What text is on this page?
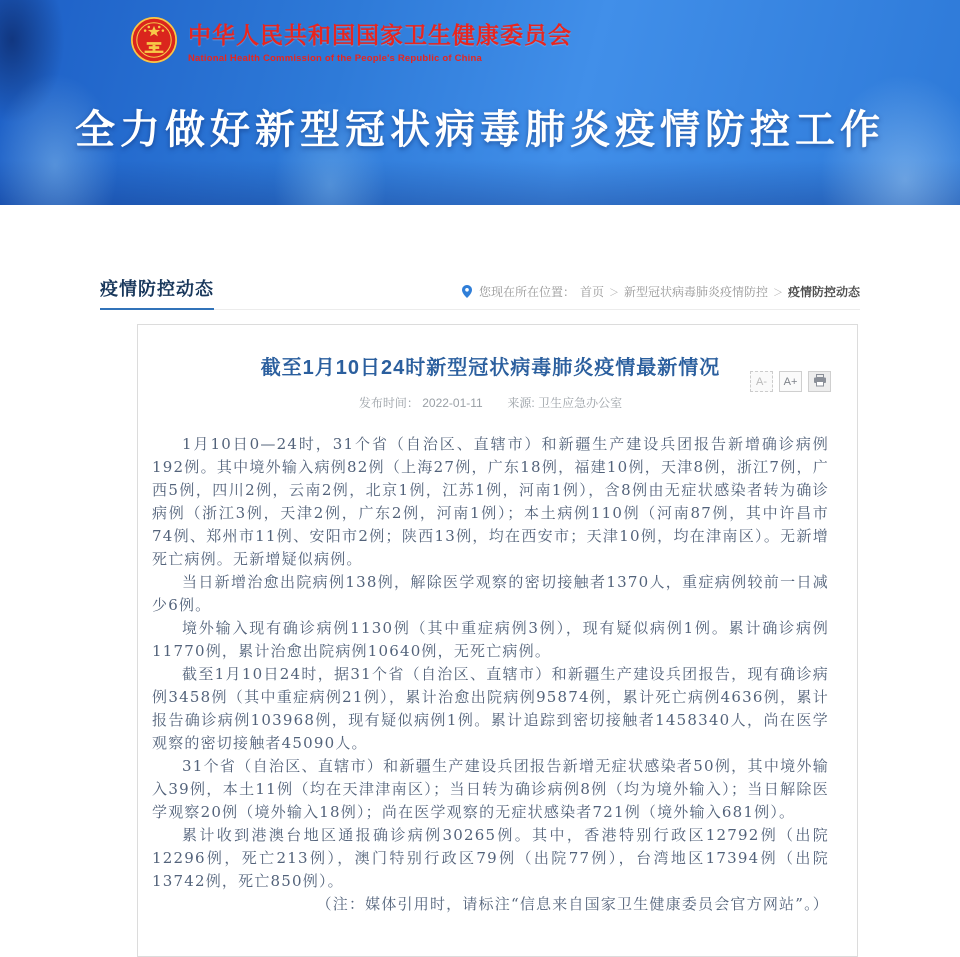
中华人民共和国国家卫生健康委员会
National Health Commission of the People's Republic of China
全力做好新型冠状病毒肺炎疫情防控工作
疫情防控动态	您现在所在位置： 首页 ＞ 新型冠状病毒肺炎疫情防控 ＞ 疫情防控动态
截至1月10日24时新型冠状病毒肺炎疫情最新情况
发布时间： 2022-01-11 来源: 卫生应急办公室
A-	A+

1月10日0—24时，31个省（自治区、直辖市）和新疆生产建设兵团报告新增确诊病例192例。其中境外输入病例82例（上海27例，广东18例，福建10例，天津8例，浙江7例，广西5例，四川2例，云南2例，北京1例，江苏1例，河南1例），含8例由无症状感染者转为确诊病例（浙江3例，天津2例，广东2例，河南1例）；本土病例110例（河南87例，其中许昌市74例、郑州市11例、安阳市2例；陕西13例，均在西安市；天津10例，均在津南区）。无新增死亡病例。无新增疑似病例。

当日新增治愈出院病例138例，解除医学观察的密切接触者1370人，重症病例较前一日减少6例。

境外输入现有确诊病例1130例（其中重症病例3例），现有疑似病例1例。累计确诊病例11770例，累计治愈出院病例10640例，无死亡病例。

截至1月10日24时，据31个省（自治区、直辖市）和新疆生产建设兵团报告，现有确诊病例3458例（其中重症病例21例），累计治愈出院病例95874例，累计死亡病例4636例，累计报告确诊病例103968例，现有疑似病例1例。累计追踪到密切接触者1458340人，尚在医学观察的密切接触者45090人。

31个省（自治区、直辖市）和新疆生产建设兵团报告新增无症状感染者50例，其中境外输入39例，本土11例（均在天津津南区）；当日转为确诊病例8例（均为境外输入）；当日解除医学观察20例（境外输入18例）；尚在医学观察的无症状感染者721例（境外输入681例）。

累计收到港澳台地区通报确诊病例30265例。其中，香港特别行政区12792例（出院12296例，死亡213例），澳门特别行政区79例（出院77例），台湾地区17394例（出院13742例，死亡850例）。

（注：媒体引用时，请标注“信息来自国家卫生健康委员会官方网站”。）
